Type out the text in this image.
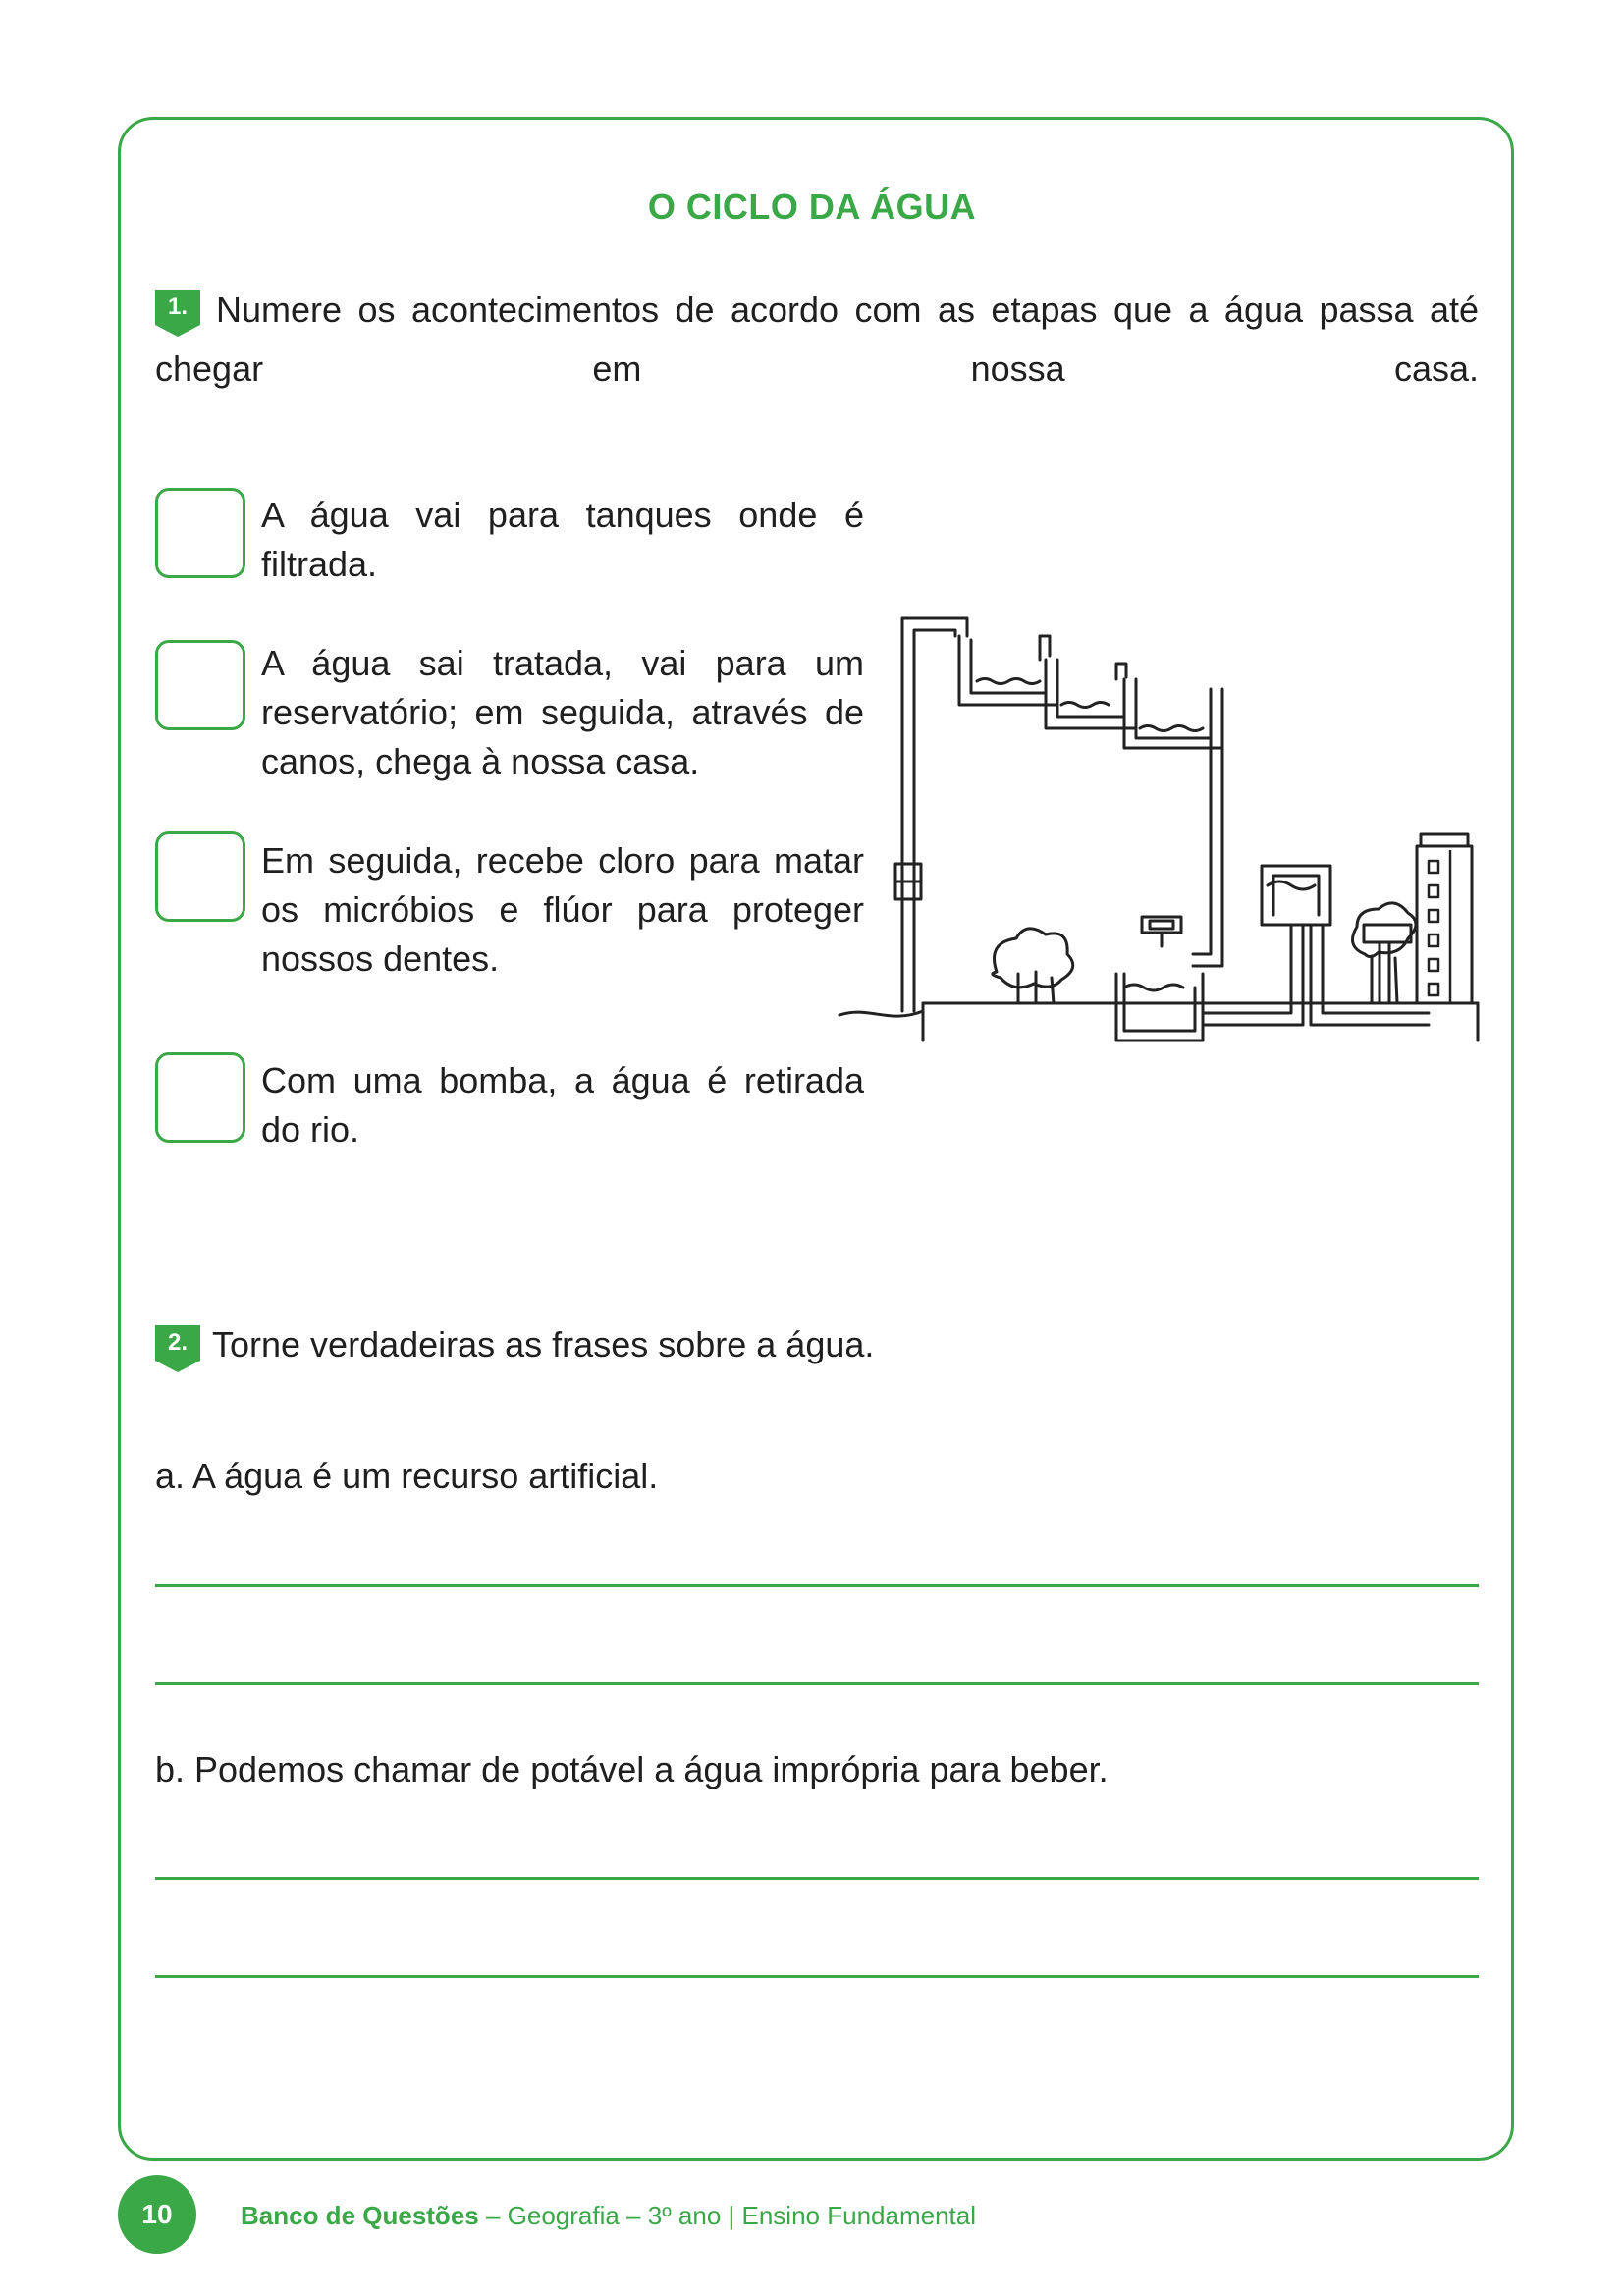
O CICLO DA ÁGUA
1. Numere os acontecimentos de acordo com as etapas que a água passa até chegar em nossa casa.
A água vai para tanques onde é filtrada.
A água sai tratada, vai para um reservatório; em seguida, através de canos, chega à nossa casa.
Em seguida, recebe cloro para matar os micróbios e flúor para proteger nossos dentes.
Com uma bomba, a água é retirada do rio.
2. Torne verdadeiras as frases sobre a água.
a. A água é um recurso artificial.
b. Podemos chamar de potável a água imprópria para beber.
10	Banco de Questões – Geografia – 3º ano | Ensino Fundamental
